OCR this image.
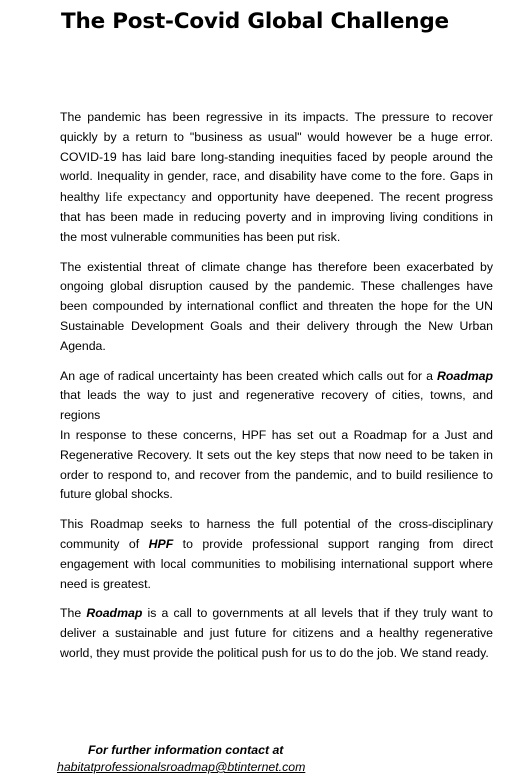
The Post-Covid Global Challenge

The pandemic has been regressive in its impacts. The pressure to recover quickly by a return to "business as usual" would however be a huge error. COVID-19 has laid bare long-standing inequities faced by people around the world. Inequality in gender, race, and disability have come to the fore. Gaps in healthy life expectancy and opportunity have deepened. The recent progress that has been made in reducing poverty and in improving living conditions in the most vulnerable communities has been put risk.

The existential threat of climate change has therefore been exacerbated by ongoing global disruption caused by the pandemic. These challenges have been compounded by international conflict and threaten the hope for the UN Sustainable Development Goals and their delivery through the New Urban Agenda.

An age of radical uncertainty has been created which calls out for a Roadmap that leads the way to just and regenerative recovery of cities, towns, and regions

In response to these concerns, HPF has set out a Roadmap for a Just and Regenerative Recovery. It sets out the key steps that now need to be taken in order to respond to, and recover from the pandemic, and to build resilience to future global shocks.

This Roadmap seeks to harness the full potential of the cross-disciplinary community of HPF to provide professional support ranging from direct engagement with local communities to mobilising international support where need is greatest.

The Roadmap is a call to governments at all levels that if they truly want to deliver a sustainable and just future for citizens and a healthy regenerative world, they must provide the political push for us to do the job. We stand ready.

For further information contact at
habitatprofessionalsroadmap@btinternet.com
